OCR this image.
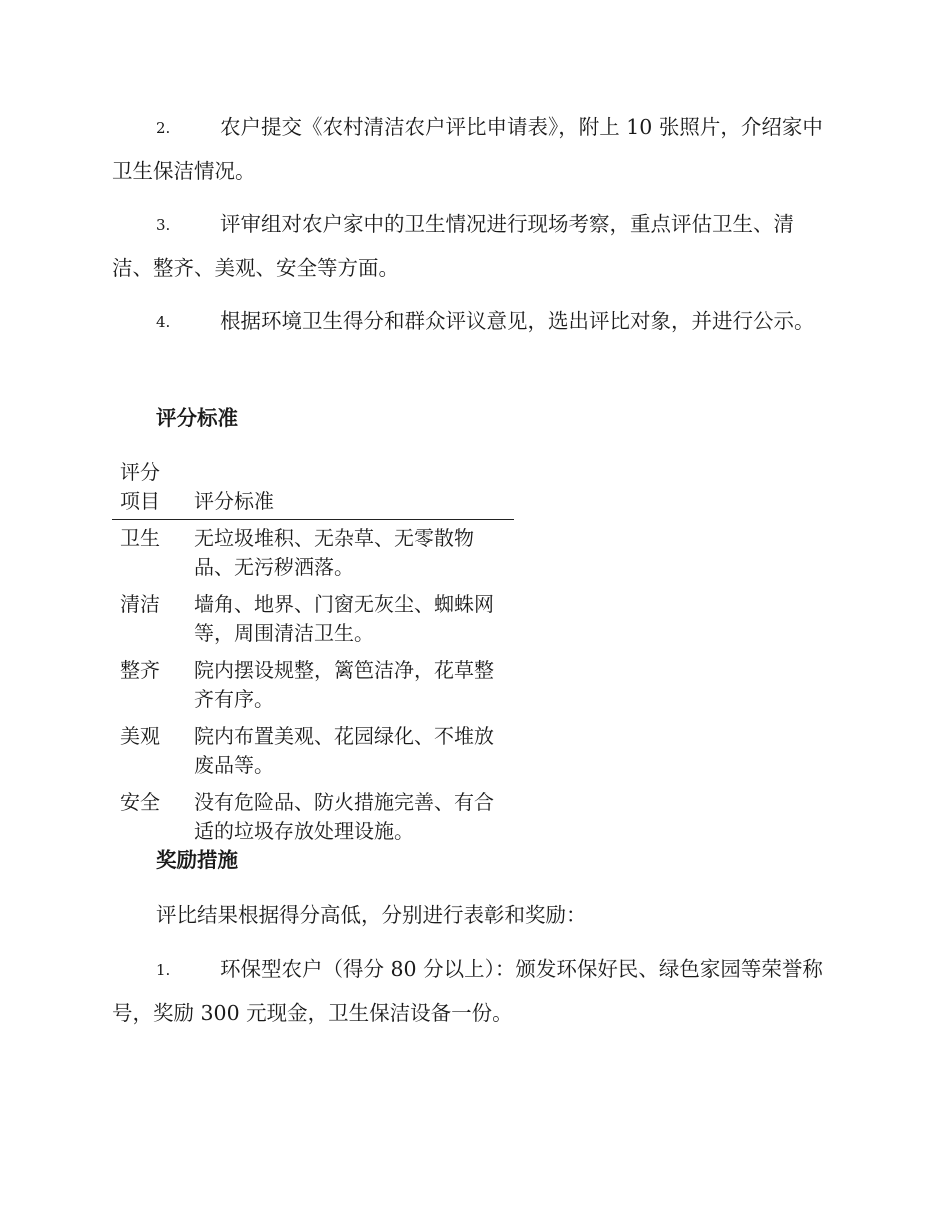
2. 农户提交《农村清洁农户评比申请表》，附上 10 张照片，介绍家中卫生保洁情况。

3. 评审组对农户家中的卫生情况进行现场考察，重点评估卫生、清洁、整齐、美观、安全等方面。

4. 根据环境卫生得分和群众评议意见，选出评比对象，并进行公示。

评分标准
评分项目	评分标准
卫生	无垃圾堆积、无杂草、无零散物品、无污秽洒落。
清洁	墙角、地界、门窗无灰尘、蜘蛛网等，周围清洁卫生。
整齐	院内摆设规整，篱笆洁净，花草整齐有序。
美观	院内布置美观、花园绿化、不堆放废品等。
安全	没有危险品、防火措施完善、有合适的垃圾存放处理设施。
奖励措施

评比结果根据得分高低，分别进行表彰和奖励：

1. 环保型农户（得分 80 分以上）：颁发环保好民、绿色家园等荣誉称号，奖励 300 元现金，卫生保洁设备一份。
